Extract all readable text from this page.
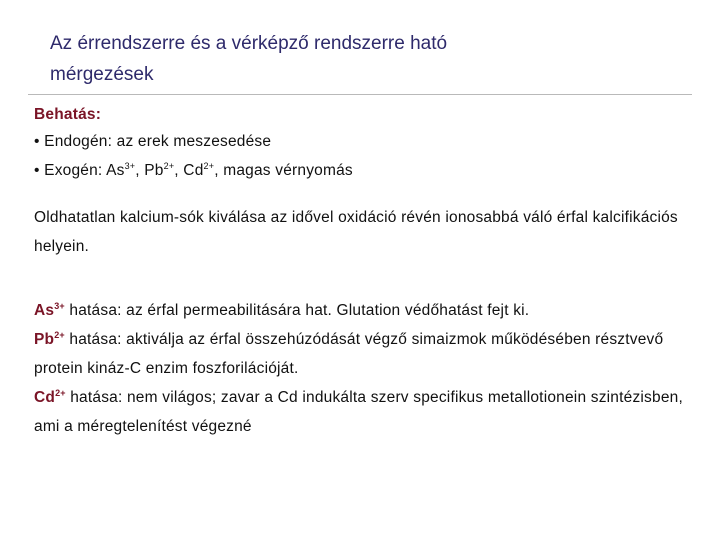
Az érrendszerre és a vérképző rendszerre ható
mérgezések
Behatás:
• Endogén: az erek meszesedése
• Exogén: $As^{3+}$, $Pb^{2+}$, $Cd^{2+}$, magas vérnyomás
Oldhatatlan kalcium-sók kiválása az idővel oxidáció révén ionosabbá váló érfal kalcifikációs helyein.
$As^{3+}$ hatása: az érfal permeabilitására hat. Glutation védőhatást fejt ki.
$Pb^{2+}$ hatása: aktiválja az érfal összehúzódását végző simaizmok működésében résztvevő protein kináz-C enzim foszforilációját.
$Cd^{2+}$ hatása: nem világos; zavar a Cd indukálta szerv specifikus metallotionein szintézisben, ami a méregtelenítést végezné
